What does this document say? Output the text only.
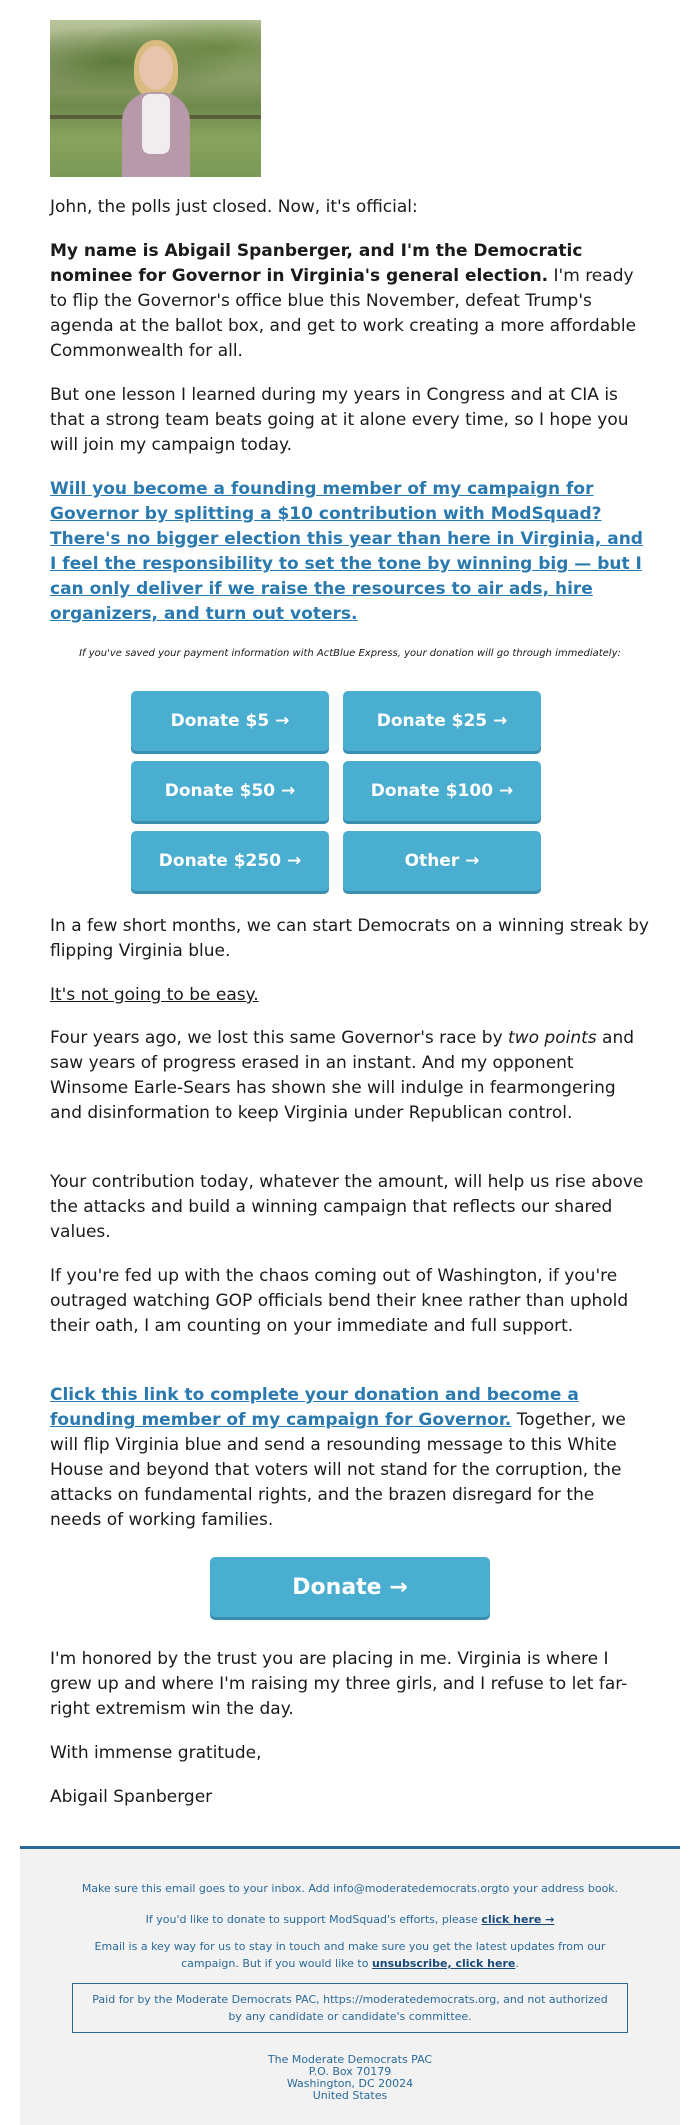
John, the polls just closed. Now, it's official:

My name is Abigail Spanberger, and I'm the Democratic nominee for Governor in Virginia's general election. I'm ready to flip the Governor's office blue this November, defeat Trump's agenda at the ballot box, and get to work creating a more affordable Commonwealth for all.

But one lesson I learned during my years in Congress and at CIA is that a strong team beats going at it alone every time, so I hope you will join my campaign today.

Will you become a founding member of my campaign for Governor by splitting a $10 contribution with ModSquad? There's no bigger election this year than here in Virginia, and I feel the responsibility to set the tone by winning big — but I can only deliver if we raise the resources to air ads, hire organizers, and turn out voters.

If you've saved your payment information with ActBlue Express, your donation will go through immediately:
Donate $5 →	Donate $25 →
Donate $50 →	Donate $100 →
Donate $250 →	Other →

In a few short months, we can start Democrats on a winning streak by flipping Virginia blue.

It's not going to be easy.

Four years ago, we lost this same Governor's race by two points and saw years of progress erased in an instant. And my opponent Winsome Earle-Sears has shown she will indulge in fearmongering and disinformation to keep Virginia under Republican control.

Your contribution today, whatever the amount, will help us rise above the attacks and build a winning campaign that reflects our shared values.

If you're fed up with the chaos coming out of Washington, if you're outraged watching GOP officials bend their knee rather than uphold their oath, I am counting on your immediate and full support.

Click this link to complete your donation and become a founding member of my campaign for Governor. Together, we will flip Virginia blue and send a resounding message to this White House and beyond that voters will not stand for the corruption, the attacks on fundamental rights, and the brazen disregard for the needs of working families.

Donate →

I'm honored by the trust you are placing in me. Virginia is where I grew up and where I'm raising my three girls, and I refuse to let far-right extremism win the day.

With immense gratitude,

Abigail Spanberger

Make sure this email goes to your inbox. Add info@moderatedemocrats.orgto your address book.
If you'd like to donate to support ModSquad's efforts, please click here →
Email is a key way for us to stay in touch and make sure you get the latest updates from our campaign. But if you would like to unsubscribe, click here.
Paid for by the Moderate Democrats PAC, https://moderatedemocrats.org, and not authorized by any candidate or candidate's committee.
The Moderate Democrats PAC
P.O. Box 70179
Washington, DC 20024
United States
